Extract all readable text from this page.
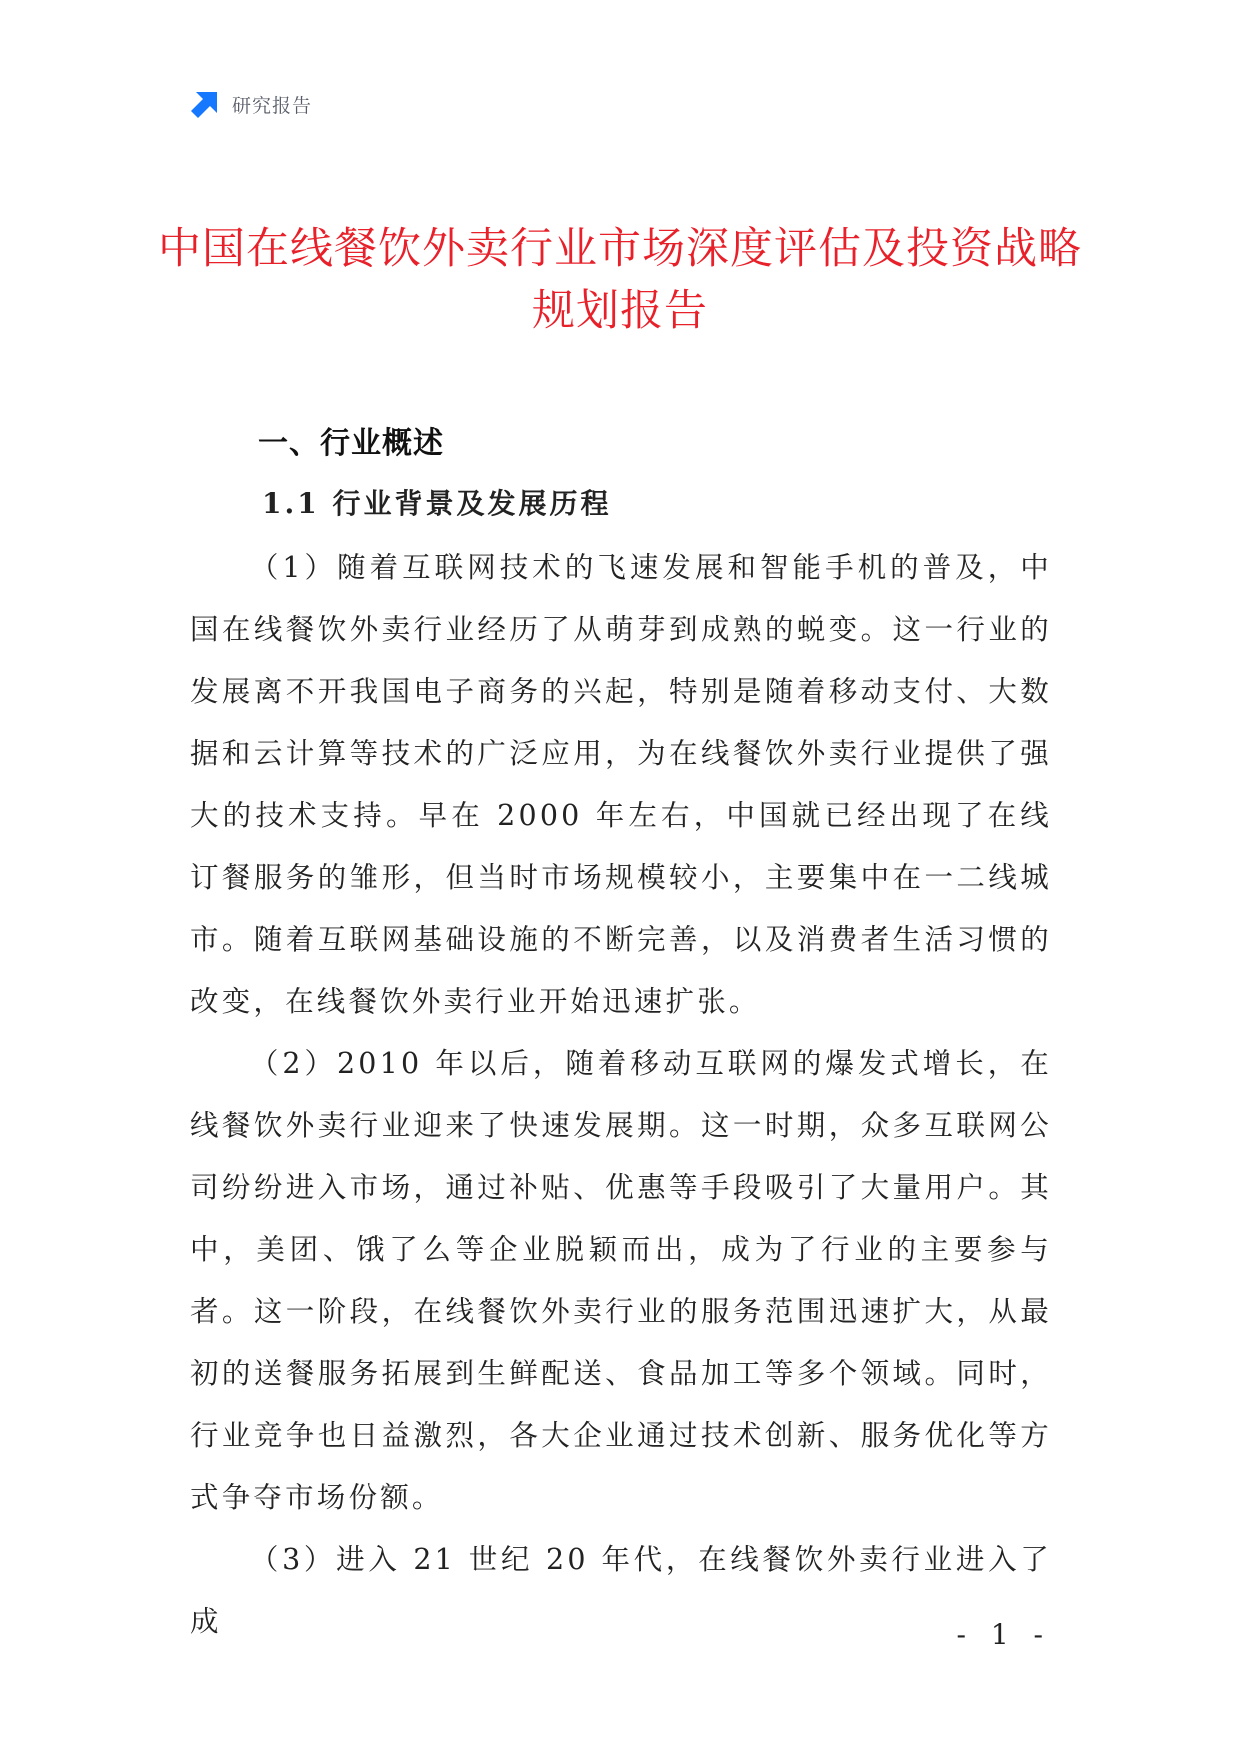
研究报告
中国在线餐饮外卖行业市场深度评估及投资战略规划报告
一、行业概述
1.1 行业背景及发展历程

（1）随着互联网技术的飞速发展和智能手机的普及，中国在线餐饮外卖行业经历了从萌芽到成熟的蜕变。这一行业的发展离不开我国电子商务的兴起，特别是随着移动支付、大数据和云计算等技术的广泛应用，为在线餐饮外卖行业提供了强大的技术支持。早在 2000 年左右，中国就已经出现了在线订餐服务的雏形，但当时市场规模较小，主要集中在一二线城市。随着互联网基础设施的不断完善，以及消费者生活习惯的改变，在线餐饮外卖行业开始迅速扩张。

（2）2010 年以后，随着移动互联网的爆发式增长，在线餐饮外卖行业迎来了快速发展期。这一时期，众多互联网公司纷纷进入市场，通过补贴、优惠等手段吸引了大量用户。其中，美团、饿了么等企业脱颖而出，成为了行业的主要参与者。这一阶段，在线餐饮外卖行业的服务范围迅速扩大，从最初的送餐服务拓展到生鲜配送、食品加工等多个领域。同时，行业竞争也日益激烈，各大企业通过技术创新、服务优化等方式争夺市场份额。

（3）进入 21 世纪 20 年代，在线餐饮外卖行业进入了成	- 1 -
